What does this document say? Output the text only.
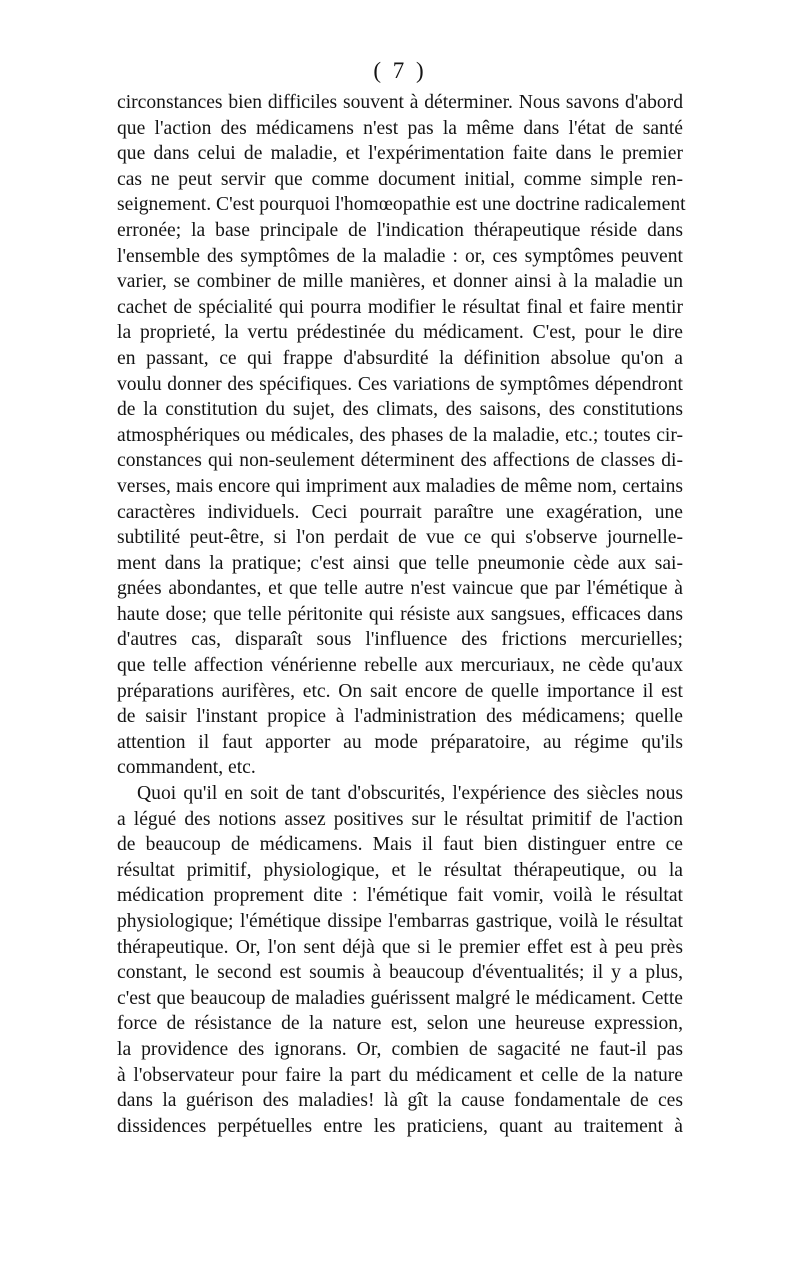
( 7 )
circonstances bien difficiles souvent à déterminer. Nous savons d'abord
que l'action des médicamens n'est pas la même dans l'état de santé
que dans celui de maladie, et l'expérimentation faite dans le premier
cas ne peut servir que comme document initial, comme simple ren-
seignement. C'est pourquoi l'homœopathie est une doctrine radicalement
erronée; la base principale de l'indication thérapeutique réside dans
l'ensemble des symptômes de la maladie : or, ces symptômes peuvent
varier, se combiner de mille manières, et donner ainsi à la maladie un
cachet de spécialité qui pourra modifier le résultat final et faire mentir
la proprieté, la vertu prédestinée du médicament. C'est, pour le dire
en passant, ce qui frappe d'absurdité la définition absolue qu'on a
voulu donner des spécifiques. Ces variations de symptômes dépendront
de la constitution du sujet, des climats, des saisons, des constitutions
atmosphériques ou médicales, des phases de la maladie, etc.; toutes cir-
constances qui non-seulement déterminent des affections de classes di-
verses, mais encore qui impriment aux maladies de même nom, certains
caractères individuels. Ceci pourrait paraître une exagération, une
subtilité peut-être, si l'on perdait de vue ce qui s'observe journelle-
ment dans la pratique; c'est ainsi que telle pneumonie cède aux sai-
gnées abondantes, et que telle autre n'est vaincue que par l'émétique à
haute dose; que telle péritonite qui résiste aux sangsues, efficaces dans
d'autres cas, disparaît sous l'influence des frictions mercurielles;
que telle affection vénérienne rebelle aux mercuriaux, ne cède qu'aux
préparations aurifères, etc. On sait encore de quelle importance il est
de saisir l'instant propice à l'administration des médicamens; quelle
attention il faut apporter au mode préparatoire, au régime qu'ils
commandent, etc.
Quoi qu'il en soit de tant d'obscurités, l'expérience des siècles nous
a légué des notions assez positives sur le résultat primitif de l'action
de beaucoup de médicamens. Mais il faut bien distinguer entre ce
résultat primitif, physiologique, et le résultat thérapeutique, ou la
médication proprement dite : l'émétique fait vomir, voilà le résultat
physiologique; l'émétique dissipe l'embarras gastrique, voilà le résultat
thérapeutique. Or, l'on sent déjà que si le premier effet est à peu près
constant, le second est soumis à beaucoup d'éventualités; il y a plus,
c'est que beaucoup de maladies guérissent malgré le médicament. Cette
force de résistance de la nature est, selon une heureuse expression,
la providence des ignorans. Or, combien de sagacité ne faut-il pas
à l'observateur pour faire la part du médicament et celle de la nature
dans la guérison des maladies! là gît la cause fondamentale de ces
dissidences perpétuelles entre les praticiens, quant au traitement à
